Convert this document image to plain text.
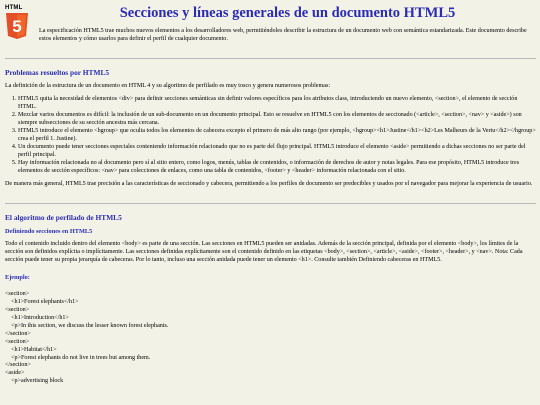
HTML
5
Secciones y líneas generales de un documento HTML5

La especificación HTML5 trae muchos nuevos elementos a los desarrolladores web, permitiéndoles describir la estructura de un documento web con semántica estandarizada. Este documento describe estos elementos y cómo usarlos para definir el perfil de cualquier documento.

Problemas resueltos por HTML5

La definición de la estructura de un documento en HTML 4 y su algoritmo de perfilado es muy tosco y genera numerosos problemas:

1. HTML5 quita la necesidad de elementos <div> para definir secciones semánticas sin definir valores específicos para los atributos class, introduciendo un nuevo elemento, <section>, el elemento de sección HTML.
2. Mezclar varios documentos es difícil: la inclusión de un sub-documento en un documento principal. Esto se resuelve en HTML5 con los elementos de seccionado (<article>, <section>, <nav> y <aside>) son siempre subsecciones de su sección ancestra más cercana.
3. HTML5 introduce el elemento <hgroup> que oculta todos los elementos de cabecera excepto el primero de más alto rango (por ejemplo, <hgroup><h1>Justine</h1><h2>Les Malheurs de la Vertu</h2></hgroup> crea el perfil 1. Justine).
4. Un documento puede tener secciones especiales conteniendo información relacionado que no es parte del flujo principal. HTML5 introduce el elemento <aside> permitiendo a dichas secciones no ser parte del perfil principal.
5. Hay información relacionada no al documento pero sí al sitio entero, como logos, menús, tablas de contenidos, o información de derechos de autor y notas legales. Para ese propósito, HTML5 introduce tres elementos de sección específicos: <nav> para colecciones de enlaces, como una tabla de contenidos, <footer> y <header> información relacionada con el sitio.

De manera más general, HTML5 trae precisión a las características de seccionado y cabecera, permitiendo a los perfiles de documento ser predecibles y usados por el navegador para mejorar la experiencia de usuario.

El algoritmo de perfilado de HTML5
Definiendo secciones en HTML5

Todo el contenido incluido dentro del elemento <body> es parte de una sección. Las secciones en HTML5 pueden ser anidadas. Además de la sección principal, definida por el elemento <body>, los límites de la sección son definidos explícita o implícitamente. Las secciones definidas explícitamente son el contenido definido en las etiquetas <body>, <section>, <article>, <aside>, <footer>, <header>, y <nav>. Nota: Cada sección puede tener su propia jerarquía de cabeceras. Por lo tanto, incluso una sección anidada puede tener un elemento <h1>. Consulte también Definiendo cabeceras en HTML5.

Ejemplo:
<section>
<h1>Forest elephants</h1>
<section>
<h1>Introduction</h1>
<p>In this section, we discuss the lesser known forest elephants.
</section>
<section>
<h1>Habitat</h1>
<p>Forest elephants do not live in trees but among them.
</section>
<aside>
<p>advertising block
